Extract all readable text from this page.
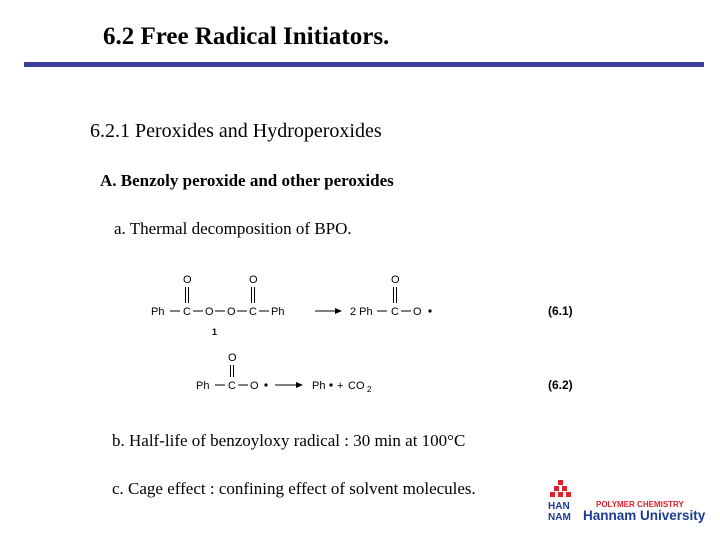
6.2 Free Radical Initiators.
6.2.1 Peroxides and Hydroperoxides
A. Benzoly peroxide and other peroxides
a. Thermal decomposition of BPO.
Ph C
O
O O C
O
Ph
1
2 Ph C
O
O	(6.1)
Ph C
O
O	Ph + CO 2	(6.2)
b. Half-life of benzoyloxy radical : 30 min at 100°C
c. Cage effect : confining effect of solvent molecules.
HAN
NAM
POLYMER CHEMISTRY
Hannam University
